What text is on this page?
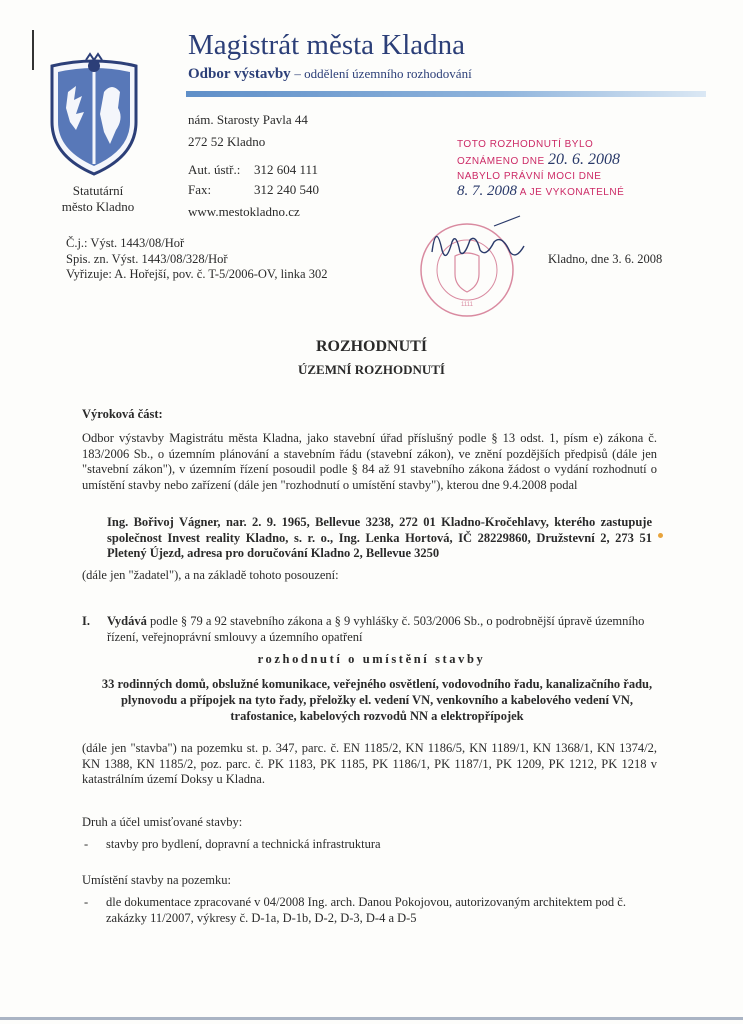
Statutární
město Kladno
Magistrát města Kladna
Odbor výstavby – oddělení územního rozhodování
nám. Starosty Pavla 44
272 52 Kladno
Aut. ústř.: 312 604 111
Fax:	312 240 540
www.mestokladno.cz
TOTO ROZHODNUTÍ BYLO
OZNÁMENO DNE 20. 6. 2008
NABYLO PRÁVNÍ MOCI DNE
8. 7. 2008 A JE VYKONATELNÉ
1111
Č.j.: Výst. 1443/08/Hoř
Spis. zn. Výst. 1443/08/328/Hoř
Vyřizuje: A. Hořejší, pov. č. T-5/2006-OV, linka 302
Kladno, dne 3. 6. 2008
ROZHODNUTÍ
ÚZEMNÍ ROZHODNUTÍ
Výroková část:
Odbor výstavby Magistrátu města Kladna, jako stavební úřad příslušný podle § 13 odst. 1, písm e) zákona č. 183/2006 Sb., o územním plánování a stavebním řádu (stavební zákon), ve znění pozdějších předpisů (dále jen "stavební zákon"), v územním řízení posoudil podle § 84 až 91 stavebního zákona žádost o vydání rozhodnutí o umístění stavby nebo zařízení (dále jen "rozhodnutí o umístění stavby"), kterou dne 9.4.2008 podal
Ing. Bořivoj Vágner, nar. 2. 9. 1965, Bellevue 3238, 272 01 Kladno-Kročehlavy, kterého zastupuje společnost Invest reality Kladno, s. r. o., Ing. Lenka Hortová, IČ 28229860, Družstevní 2, 273 51 Pletený Újezd, adresa pro doručování Kladno 2, Bellevue 3250
(dále jen "žadatel"), a na základě tohoto posouzení:
I. Vydává podle § 79 a 92 stavebního zákona a § 9 vyhlášky č. 503/2006 Sb., o podrobnější úpravě územního řízení, veřejnoprávní smlouvy a územního opatření
rozhodnutí o umístění stavby
33 rodinných domů, obslužné komunikace, veřejného osvětlení, vodovodního řadu, kanalizačního řadu, plynovodu a přípojek na tyto řady, přeložky el. vedení VN, venkovního a kabelového vedení VN, trafostanice, kabelových rozvodů NN a elektropřípojek
(dále jen "stavba") na pozemku st. p. 347, parc. č. EN 1185/2, KN 1186/5, KN 1189/1, KN 1368/1, KN 1374/2, KN 1388, KN 1185/2, poz. parc. č. PK 1183, PK 1185, PK 1186/1, PK 1187/1, PK 1209, PK 1212, PK 1218 v katastrálním území Doksy u Kladna.
Druh a účel umisťované stavby:
- stavby pro bydlení, dopravní a technická infrastruktura
Umístění stavby na pozemku:
- dle dokumentace zpracované v 04/2008 Ing. arch. Danou Pokojovou, autorizovaným architektem pod č. zakázky 11/2007, výkresy č. D-1a, D-1b, D-2, D-3, D-4 a D-5
